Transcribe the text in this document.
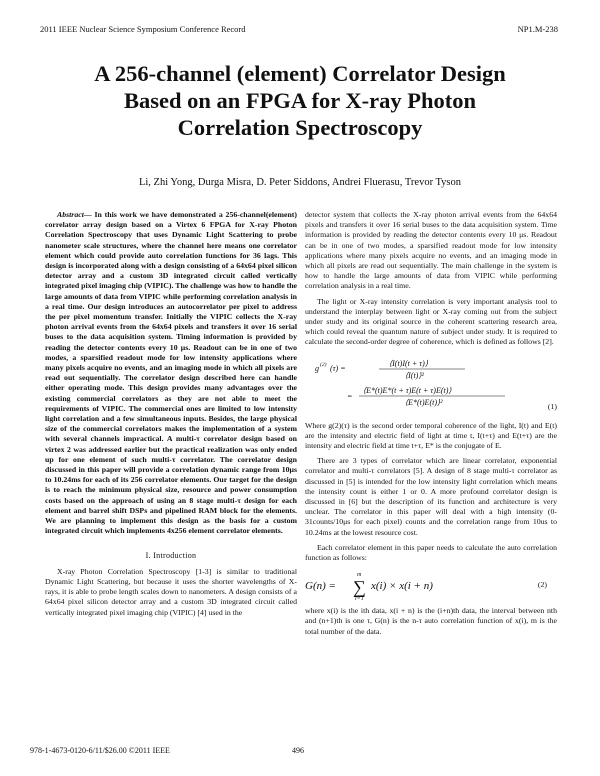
2011 IEEE Nuclear Science Symposium Conference Record	NP1.M-238
A 256-channel (element) Correlator Design
Based on an FPGA for X-ray Photon
Correlation Spectroscopy
Li, Zhi Yong, Durga Misra, D. Peter Siddons, Andrei Fluerasu, Trevor Tyson

Abstract— In this work we have demonstrated a 256-channel(element) correlator array design based on a Virtex 6 FPGA for X-ray Photon Correlation Spectroscopy that uses Dynamic Light Scattering to probe nanometer scale structures, where the channel here means one correlator element which could provide auto correlation functions for 36 lags. This design is incorporated along with a design consisting of a 64x64 pixel silicon detector array and a custom 3D integrated circuit called vertically integrated pixel imaging chip (VIPIC). The challenge was how to handle the large amounts of data from VIPIC while performing correlation analysis in a real time. Our design introduces an autocorrelator per pixel to address the per pixel momentum transfer. Initially the VIPIC collects the X-ray photon arrival events from the 64x64 pixels and transfers it over 16 serial buses to the data acquisition system. Timing information is provided by reading the detector contents every 10 μs. Readout can be in one of two modes, a sparsified readout mode for low intensity applications where many pixels acquire no events, and an imaging mode in which all pixels are read out sequentially. The correlator design described here can handle either operating mode. This design provides many advantages over the existing commercial correlators as they are not able to meet the requirements of VIPIC. The commercial ones are limited to low intensity light correlation and a few simultaneous inputs. Besides, the large physical size of the commercial correlators makes the implementation of a system with several channels impractical. A multi-τ correlator design based on virtex 2 was addressed earlier but the practical realization was only ended up for one element of such multi-τ correlator. The correlator design discussed in this paper will provide a correlation dynamic range from 10μs to 10.24ms for each of its 256 correlator elements. Our target for the design is to reach the minimum physical size, resource and power consumption costs based on the approach of using an 8 stage multi-τ design for each element and barrel shift DSPs and pipelined RAM block for the elements. We are planning to implement this design as the basis for a custom integrated circuit which implements 4x256 element correlator elements.

I. Introduction

X-ray Photon Correlation Spectroscopy [1-3] is similar to traditional Dynamic Light Scattering, but because it uses the shorter wavelengths of X-rays, it is able to probe length scales down to nanometers. A design consists of a 64x64 pixel silicon detector array and a custom 3D integrated circuit called vertically integrated pixel imaging chip (VIPIC) [4] used in the

detector system that collects the X-ray photon arrival events from the 64x64 pixels and transfers it over 16 serial buses to the data acquisition system. Time information is provided by reading the detector contents every 10 μs. Readout can be in one of two modes, a sparsified readout mode for low intensity applications where many pixels acquire no events, and an imaging mode in which all pixels are read out sequentially. The main challenge in the system is how to handle the large amounts of data from VIPIC while performing correlation analysis in a real time.

The light or X-ray intensity correlation is very important analysis tool to understand the interplay between light or X-ray coming out from the subject under study and its original source in the coherent scattering research area, which could reveal the quantum nature of subject under study. It is required to calculate the second-order degree of coherence, which is defined as follows [2].

g (2) (τ) =
⟨I(t)I(t + τ)⟩
⟨I(t)⟩²
=
⟨E*(t)E*(t + τ)E(t + τ)E(t)⟩
⟨E*(t)E(t)⟩²
(1)

Where g(2)(τ) is the second order temporal coherence of the light, I(t) and E(t) are the intensity and electric field of light at time t, I(t+τ) and E(t+τ) are the intensity and electric field at time t+τ, E* is the conjugate of E.

There are 3 types of correlator which are linear correlator, exponential correlator and multi-τ correlators [5]. A design of 8 stage multi-τ correlator as discussed in [5] is intended for the low intensity light correlation which means the intensity count is either 1 or 0. A more profound correlator design is discussed in [6] but the description of its function and architecture is very unclear. The correlator in this paper will deal with a high intensity (0-31counts/10μs for each pixel) counts and the correlation range from 10us to 10.24ms at the lowest resource cost.

Each correlator element in this paper needs to calculate the auto correlation function as follows:

G(n) = ∑
m
i=1
x(i) × x(i + n)	(2)

where x(i) is the ith data, x(i + n) is the (i+n)th data, the interval between nth and (n+1)th is one τ, G(n) is the n-τ auto correlation function of x(i), m is the total number of the data.

978-1-4673-0120-6/11/$26.00 ©2011 IEEE	496
